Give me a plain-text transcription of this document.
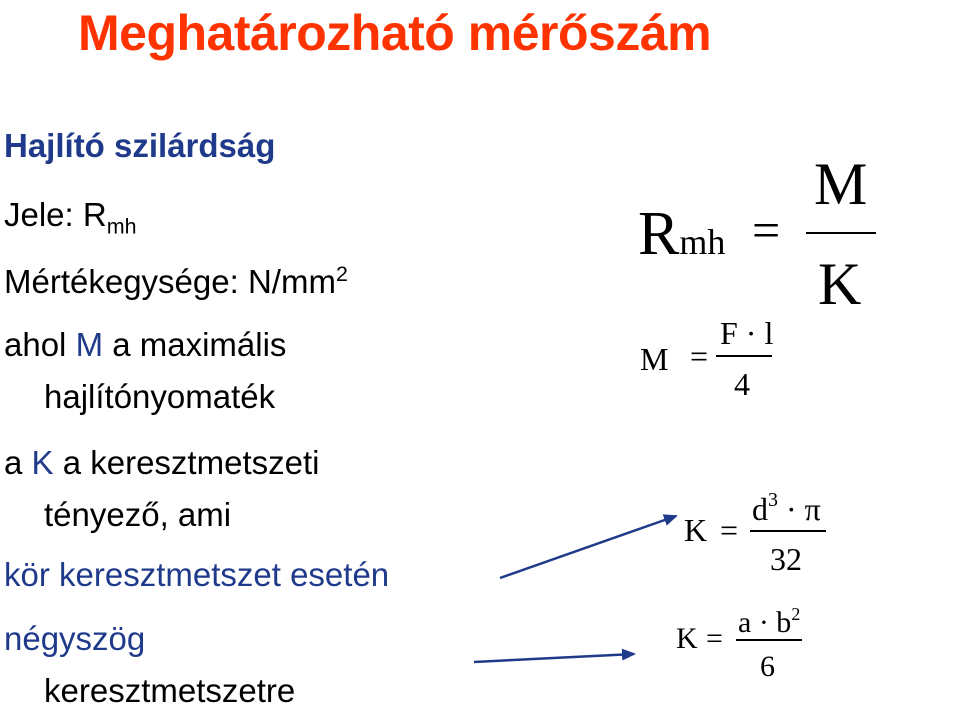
Meghatározható mérőszám
Hajlító szilárdság
Jele: $R_{mh}$
Mértékegysége: $N/mm^2$
ahol M a maximális
hajlítónyomaték
a K a keresztmetszeti
tényező, ami
kör keresztmetszet esetén
négyszög
keresztmetszetre
Rmh =
M
K
M =
F · l
4
K =
$d^3 \cdot \pi$
32
$K = a \cdot b^2$
6
